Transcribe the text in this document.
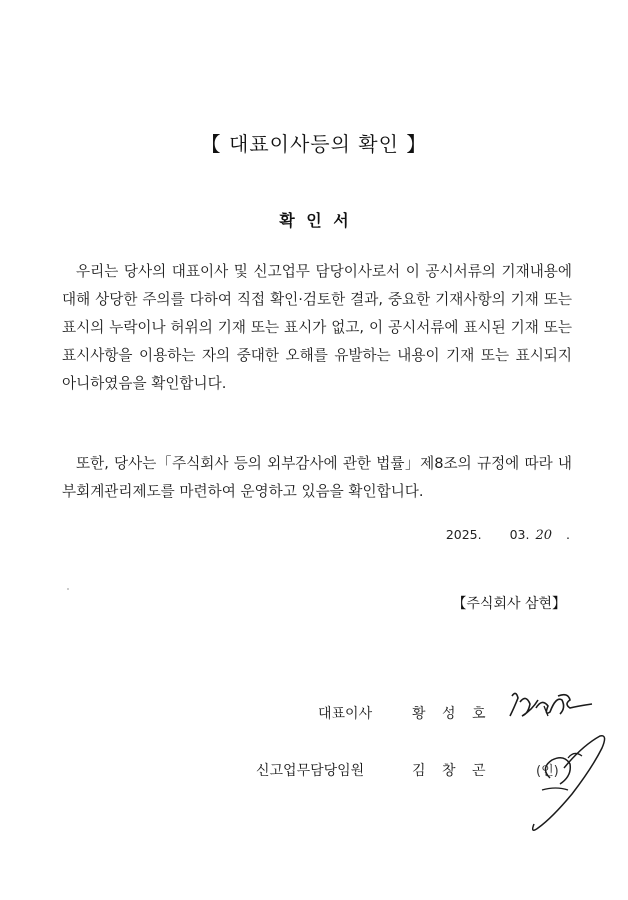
【 대표이사등의 확인 】
확 인 서

우리는 당사의 대표이사 및 신고업무 담당이사로서 이 공시서류의 기재내용에 대해 상당한 주의를 다하여 직접 확인·검토한 결과, 중요한 기재사항의 기재 또는 표시의 누락이나 허위의 기재 또는 표시가 없고, 이 공시서류에 표시된 기재 또는 표시사항을 이용하는 자의 중대한 오해를 유발하는 내용이 기재 또는 표시되지 아니하였음을 확인합니다.

또한, 당사는「주식회사 등의 외부감사에 관한 법률」제8조의 규정에 따라 내부회계관리제도를 마련하여 운영하고 있음을 확인합니다.

2025. 03. 20 .
【주식회사 삼현】
대표이사	황 성 호
신고업무담당임원	김 창 곤	(인)
